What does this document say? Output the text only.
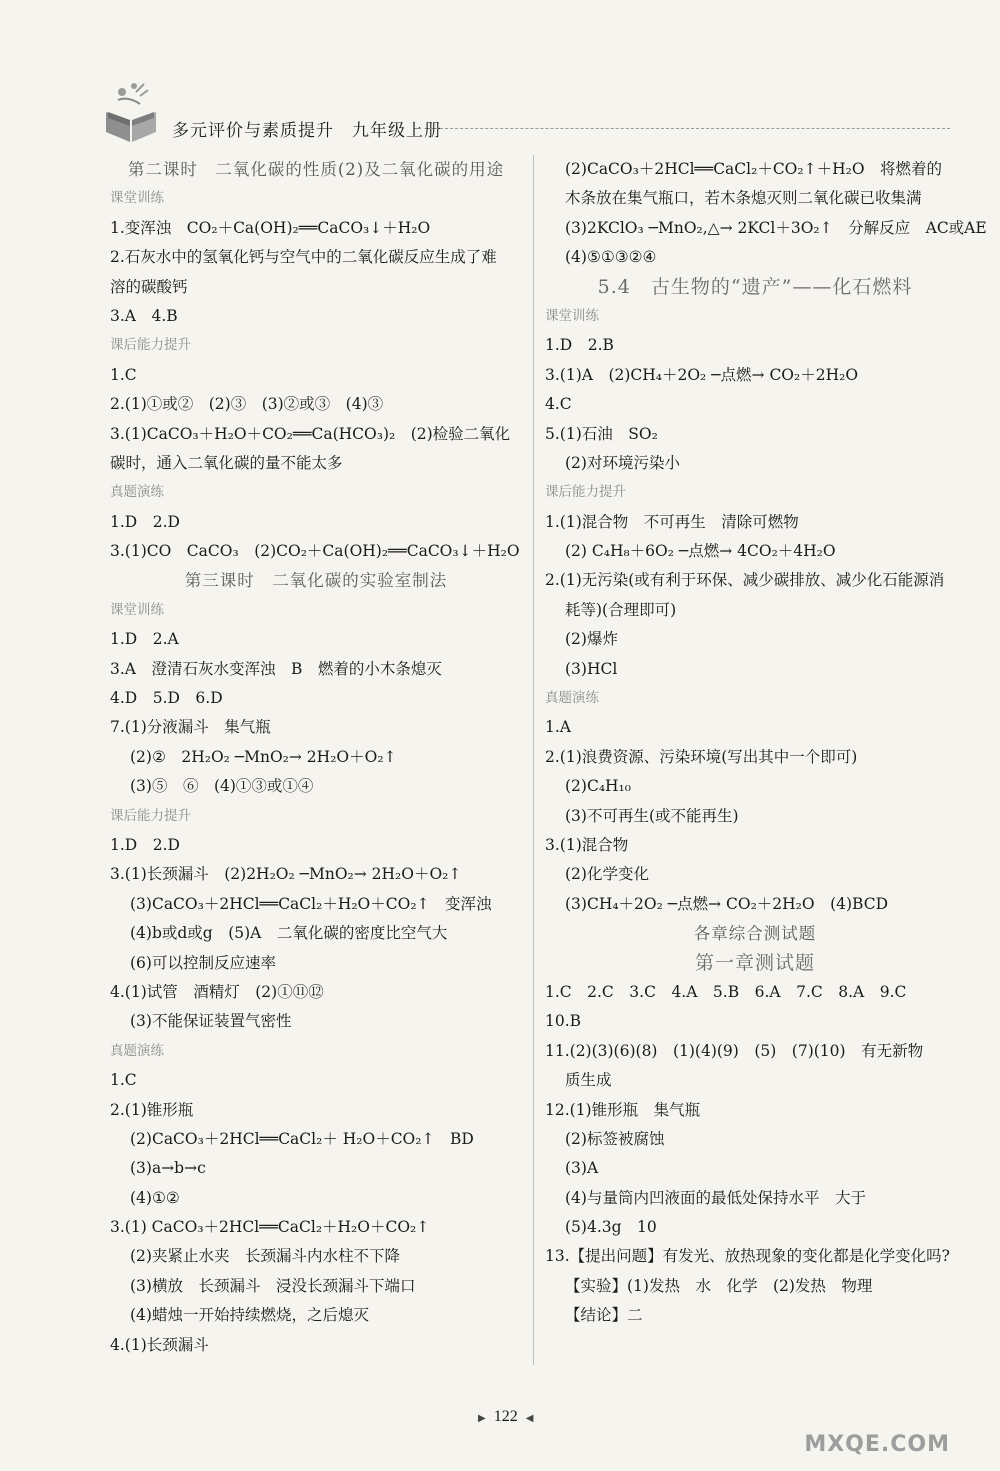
多元评价与素质提升　九年级上册
第二课时　二氧化碳的性质(2)及二氧化碳的用途
课堂训练
1.变浑浊　CO₂＋Ca(OH)₂══CaCO₃↓＋H₂O
2.石灰水中的氢氧化钙与空气中的二氧化碳反应生成了难
溶的碳酸钙
3.A　4.B
课后能力提升
1.C
2.(1)①或②　(2)③　(3)②或③　(4)③
3.(1)CaCO₃＋H₂O＋CO₂══Ca(HCO₃)₂　(2)检验二氧化
碳时，通入二氧化碳的量不能太多
真题演练
1.D　2.D
3.(1)CO　CaCO₃　(2)CO₂＋Ca(OH)₂══CaCO₃↓＋H₂O
第三课时　二氧化碳的实验室制法
课堂训练
1.D　2.A
3.A　澄清石灰水变浑浊　B　燃着的小木条熄灭
4.D　5.D　6.D
7.(1)分液漏斗　集气瓶
(2)②　2H₂O₂ ─MnO₂→ 2H₂O＋O₂↑
(3)⑤　⑥　(4)①③或①④
课后能力提升
1.D　2.D
3.(1)长颈漏斗　(2)2H₂O₂ ─MnO₂→ 2H₂O＋O₂↑
(3)CaCO₃＋2HCl══CaCl₂＋H₂O＋CO₂↑　变浑浊
(4)b或d或g　(5)A　二氧化碳的密度比空气大
(6)可以控制反应速率
4.(1)试管　酒精灯　(2)①⑪⑫
(3)不能保证装置气密性
真题演练
1.C
2.(1)锥形瓶
(2)CaCO₃＋2HCl══CaCl₂＋ H₂O＋CO₂↑　BD
(3)a→b→c
(4)①②
3.(1) CaCO₃＋2HCl══CaCl₂＋H₂O＋CO₂↑
(2)夹紧止水夹　长颈漏斗内水柱不下降
(3)横放　长颈漏斗　浸没长颈漏斗下端口
(4)蜡烛一开始持续燃烧，之后熄灭
4.(1)长颈漏斗
(2)CaCO₃＋2HCl══CaCl₂＋CO₂↑＋H₂O　将燃着的
木条放在集气瓶口，若木条熄灭则二氧化碳已收集满
(3)2KClO₃ ─MnO₂,△→ 2KCl＋3O₂↑　分解反应　AC或AE
(4)⑤①③②④
5.4　古生物的“遗产”——化石燃料
课堂训练
1.D　2.B
3.(1)A　(2)CH₄＋2O₂ ─点燃→ CO₂＋2H₂O
4.C
5.(1)石油　SO₂
(2)对环境污染小
课后能力提升
1.(1)混合物　不可再生　清除可燃物
(2) C₄H₈＋6O₂ ─点燃→ 4CO₂＋4H₂O
2.(1)无污染(或有利于环保、减少碳排放、减少化石能源消
耗等)(合理即可)
(2)爆炸
(3)HCl
真题演练
1.A
2.(1)浪费资源、污染环境(写出其中一个即可)
(2)C₄H₁₀
(3)不可再生(或不能再生)
3.(1)混合物
(2)化学变化
(3)CH₄＋2O₂ ─点燃→ CO₂＋2H₂O　(4)BCD
各章综合测试题
第一章测试题
1.C　2.C　3.C　4.A　5.B　6.A　7.C　8.A　9.C
10.B
11.(2)(3)(6)(8)　(1)(4)(9)　(5)　(7)(10)　有无新物
质生成
12.(1)锥形瓶　集气瓶
(2)标签被腐蚀
(3)A
(4)与量筒内凹液面的最低处保持水平　大于
(5)4.3g　10
13.【提出问题】有发光、放热现象的变化都是化学变化吗?
【实验】(1)发热　水　化学　(2)发热　物理
【结论】二
▶ 122 ◀
MXQE.COM
